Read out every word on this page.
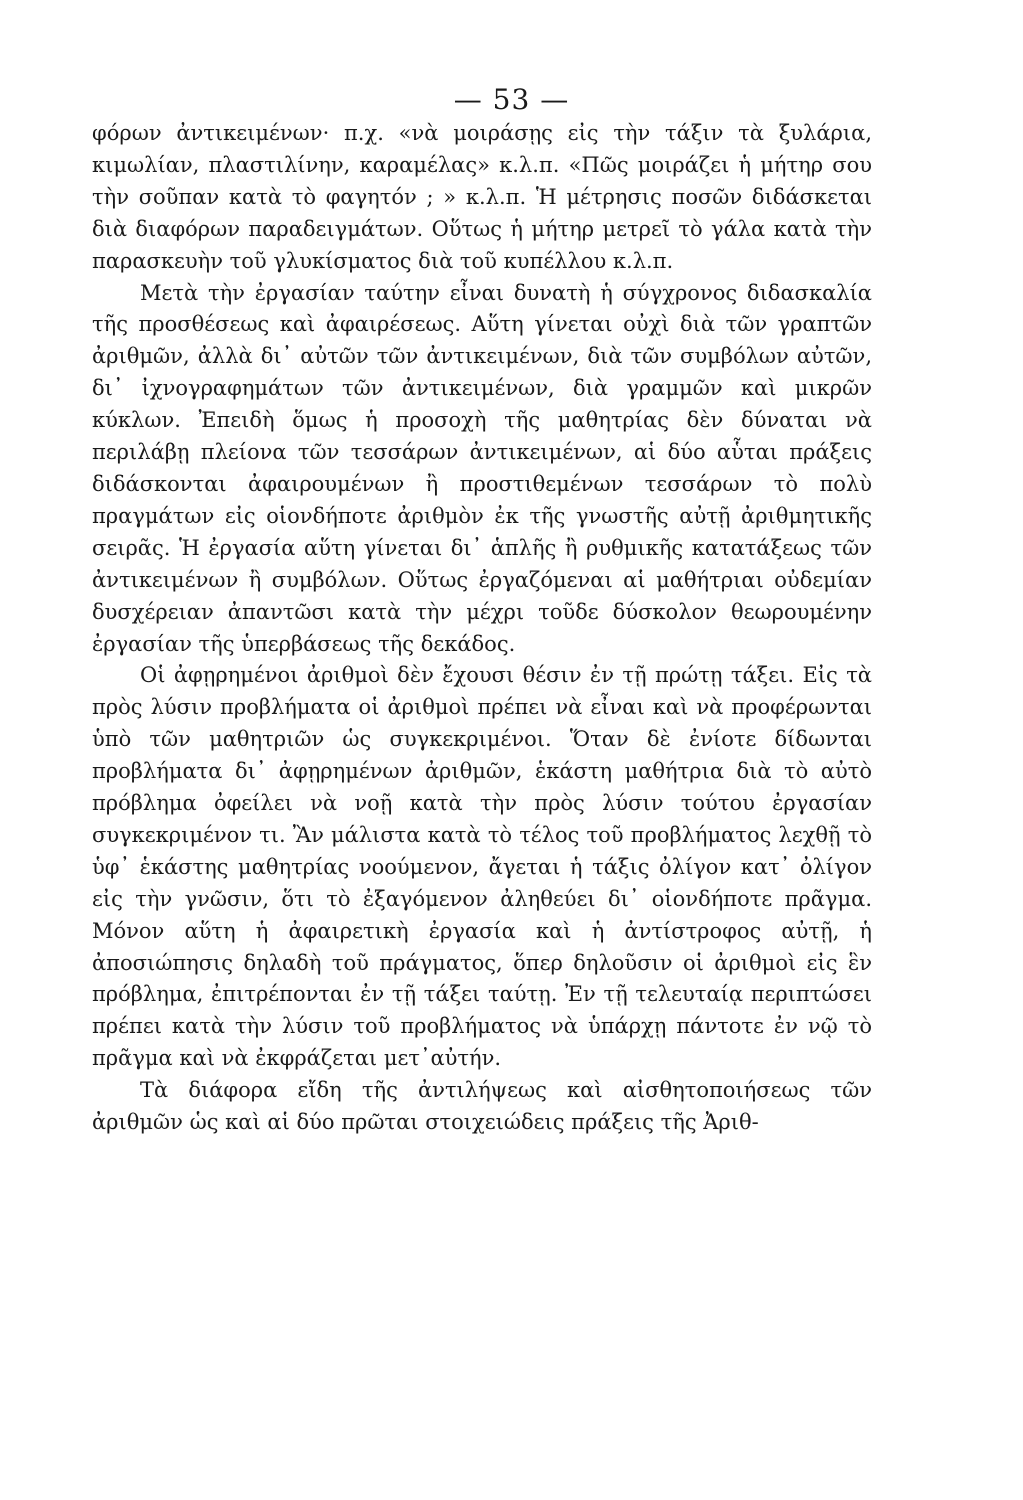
— 53 —

φόρων ἀντικειμένων· π.χ. «νὰ μοιράσῃς εἰς τὴν τάξιν τὰ ξυλάρια, κιμωλίαν, πλαστιλίνην, καραμέλας» κ.λ.π. «Πῶς μοιράζει ἡ μήτηρ σου τὴν σοῦπαν κατὰ τὸ φαγητόν ; » κ.λ.π. Ἡ μέτρησις ποσῶν διδάσκεται διὰ διαφόρων παραδειγμάτων. Οὕτως ἡ μήτηρ μετρεῖ τὸ γάλα κατὰ τὴν παρασκευὴν τοῦ γλυκίσματος διὰ τοῦ κυπέλλου κ.λ.π.

Μετὰ τὴν ἐργασίαν ταύτην εἶναι δυνατὴ ἡ σύγχρονος διδασκαλία τῆς προσθέσεως καὶ ἀφαιρέσεως. Αὕτη γίνεται οὐχὶ διὰ τῶν γραπτῶν ἀριθμῶν, ἀλλὰ δι᾽ αὐτῶν τῶν ἀντικειμένων, διὰ τῶν συμβόλων αὐτῶν, δι᾽ ἰχνογραφημάτων τῶν ἀντικειμένων, διὰ γραμμῶν καὶ μικρῶν κύκλων. Ἐπειδὴ ὅμως ἡ προσοχὴ τῆς μαθητρίας δὲν δύναται νὰ περιλάβῃ πλείονα τῶν τεσσάρων ἀντικειμένων, αἱ δύο αὗται πράξεις διδάσκονται ἀφαιρουμένων ἢ προστιθεμένων τεσσάρων τὸ πολὺ πραγμάτων εἰς οἱονδήποτε ἀριθμὸν ἐκ τῆς γνωστῆς αὐτῇ ἀριθμητικῆς σειρᾶς. Ἡ ἐργασία αὕτη γίνεται δι᾽ ἁπλῆς ἢ ρυθμικῆς κατατάξεως τῶν ἀντικειμένων ἢ συμβόλων. Οὕτως ἐργαζόμεναι αἱ μαθήτριαι οὐδεμίαν δυσχέρειαν ἀπαντῶσι κατὰ τὴν μέχρι τοῦδε δύσκολον θεωρουμένην ἐργασίαν τῆς ὑπερβάσεως τῆς δεκάδος.

Οἱ ἀφῃρημένοι ἀριθμοὶ δὲν ἔχουσι θέσιν ἐν τῇ πρώτῃ τάξει. Εἰς τὰ πρὸς λύσιν προβλήματα οἱ ἀριθμοὶ πρέπει νὰ εἶναι καὶ νὰ προφέρωνται ὑπὸ τῶν μαθητριῶν ὡς συγκεκριμένοι. Ὅταν δὲ ἐνίοτε δίδωνται προβλήματα δι᾽ ἀφῃρημένων ἀριθμῶν, ἑκάστη μαθήτρια διὰ τὸ αὐτὸ πρόβλημα ὀφείλει νὰ νοῇ κατὰ τὴν πρὸς λύσιν τούτου ἐργασίαν συγκεκριμένον τι. Ἂν μάλιστα κατὰ τὸ τέλος τοῦ προβλήματος λεχθῇ τὸ ὑφ᾽ ἑκάστης μαθητρίας νοούμενον, ἄγεται ἡ τάξις ὀλίγον κατ᾽ ὀλίγον εἰς τὴν γνῶσιν, ὅτι τὸ ἐξαγόμενον ἀληθεύει δι᾽ οἱονδήποτε πρᾶγμα. Μόνον αὕτη ἡ ἀφαιρετικὴ ἐργασία καὶ ἡ ἀντίστροφος αὐτῇ, ἡ ἀποσιώπησις δηλαδὴ τοῦ πράγματος, ὅπερ δηλοῦσιν οἱ ἀριθμοὶ εἰς ἓν πρόβλημα, ἐπιτρέπονται ἐν τῇ τάξει ταύτῃ. Ἐν τῇ τελευταίᾳ περιπτώσει πρέπει κατὰ τὴν λύσιν τοῦ προβλήματος νὰ ὑπάρχῃ πάντοτε ἐν νῷ τὸ πρᾶγμα καὶ νὰ ἐκφράζεται μετ᾽αὐτήν.

Τὰ διάφορα εἴδη τῆς ἀντιλήψεως καὶ αἰσθητοποιήσεως τῶν ἀριθμῶν ὡς καὶ αἱ δύο πρῶται στοιχειώδεις πράξεις τῆς Ἀριθ-
